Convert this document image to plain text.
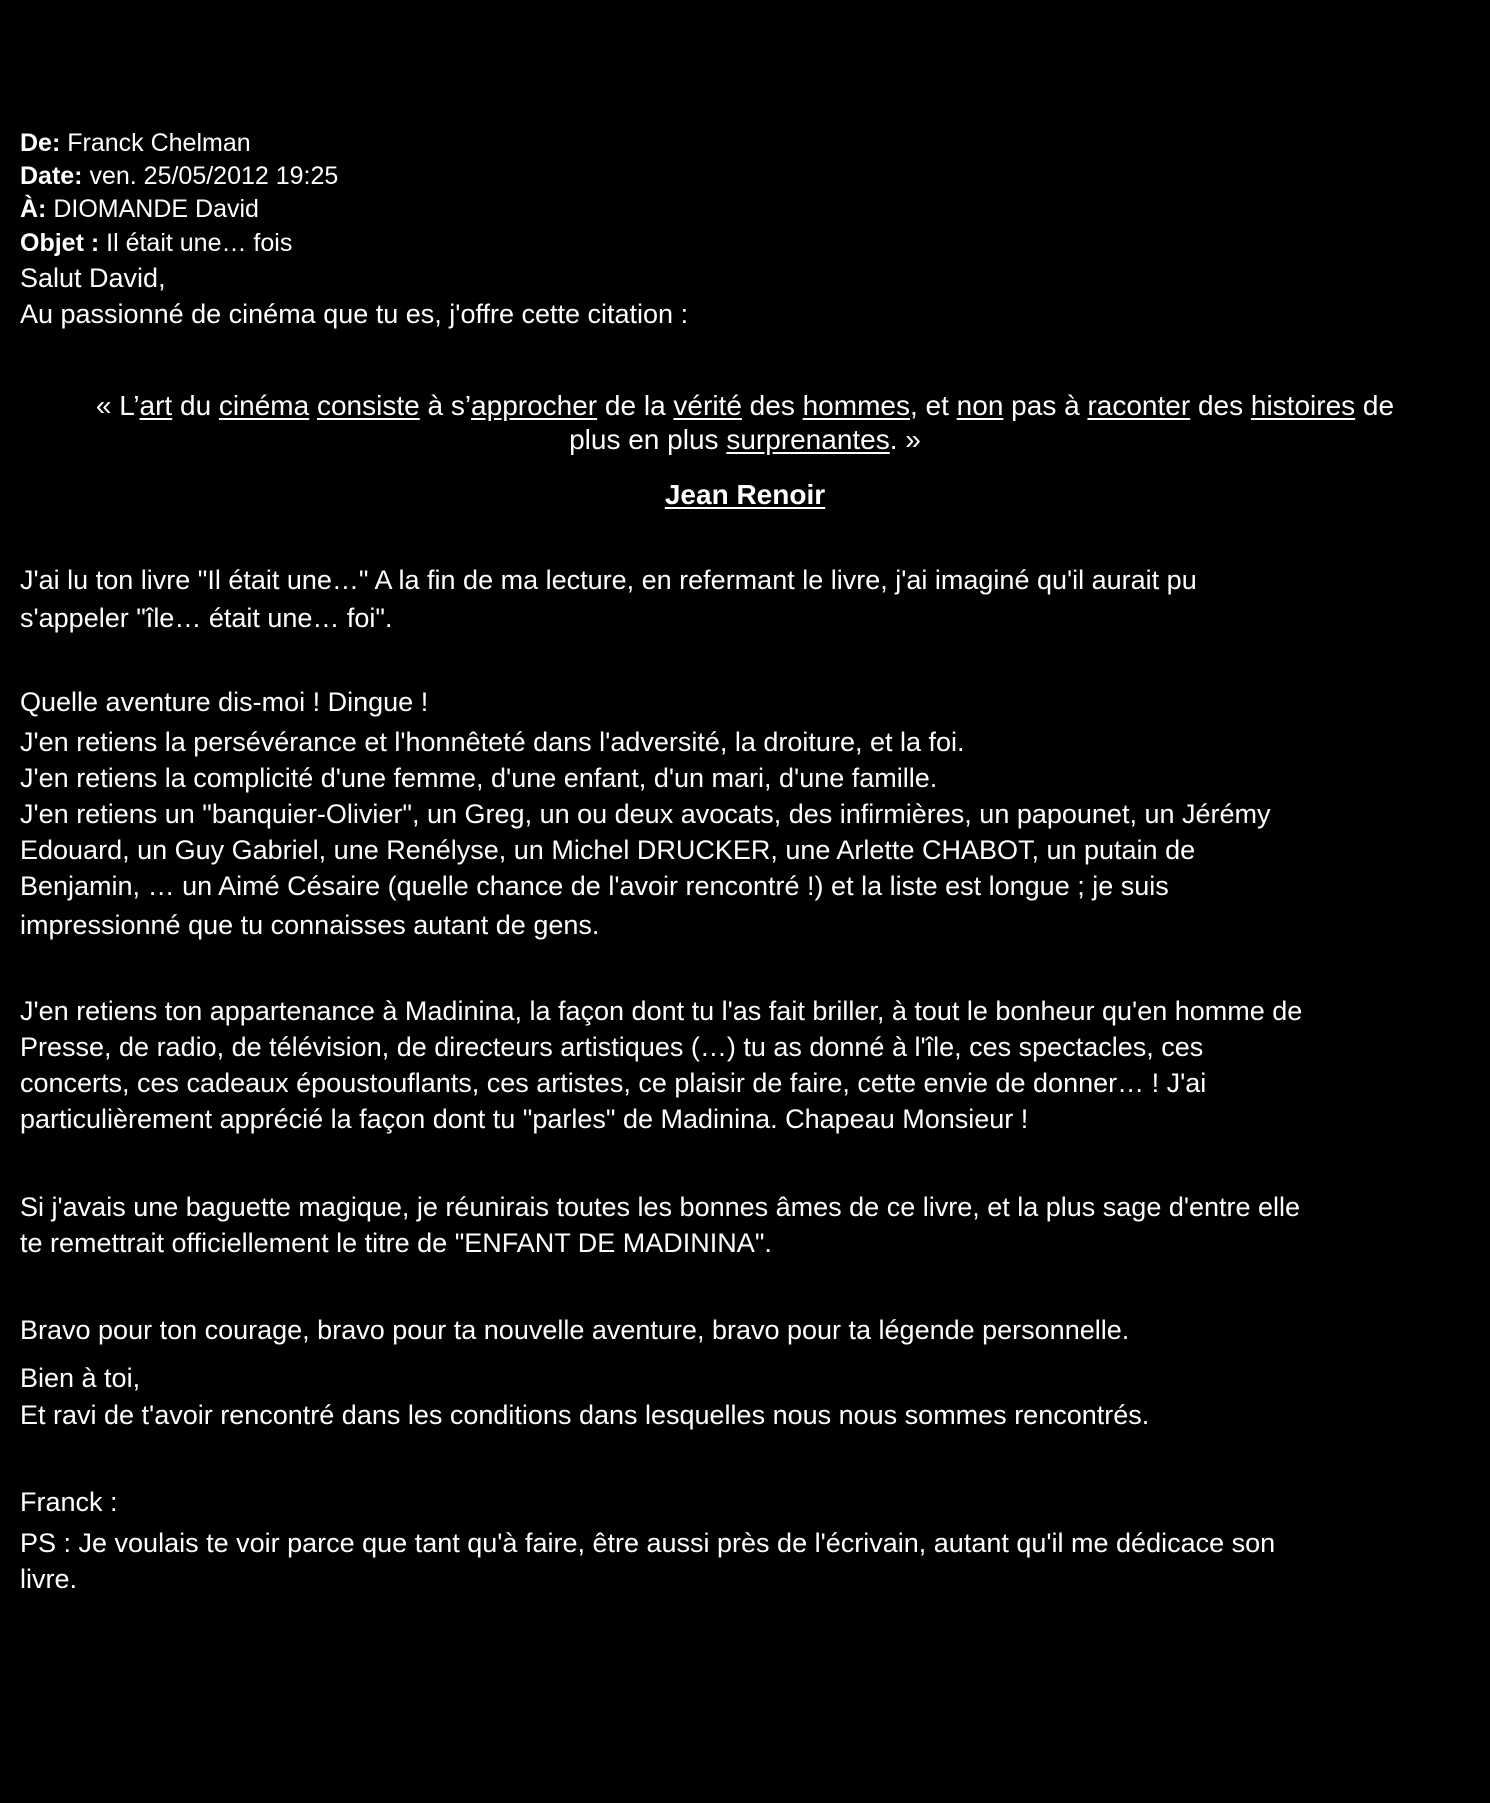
De: Franck Chelman
Date: ven. 25/05/2012 19:25
À: DIOMANDE David
Objet : Il était une… fois
Salut David,
Au passionné de cinéma que tu es, j'offre cette citation :
« L’art du cinéma consiste à s’approcher de la vérité des hommes, et non pas à raconter des histoires de
plus en plus surprenantes. »
Jean Renoir
J'ai lu ton livre "Il était une…" A la fin de ma lecture, en refermant le livre, j'ai imaginé qu'il aurait pu
s'appeler "île… était une… foi".
Quelle aventure dis-moi ! Dingue !
J'en retiens la persévérance et l'honnêteté dans l'adversité, la droiture, et la foi.
J'en retiens la complicité d'une femme, d'une enfant, d'un mari, d'une famille.
J'en retiens un "banquier-Olivier", un Greg, un ou deux avocats, des infirmières, un papounet, un Jérémy
Edouard, un Guy Gabriel, une Renélyse, un Michel DRUCKER, une Arlette CHABOT, un putain de
Benjamin, … un Aimé Césaire (quelle chance de l'avoir rencontré !) et la liste est longue ; je suis
impressionné que tu connaisses autant de gens.
J'en retiens ton appartenance à Madinina, la façon dont tu l'as fait briller, à tout le bonheur qu'en homme de
Presse, de radio, de télévision, de directeurs artistiques (…) tu as donné à l'île, ces spectacles, ces
concerts, ces cadeaux époustouflants, ces artistes, ce plaisir de faire, cette envie de donner… ! J'ai
particulièrement apprécié la façon dont tu "parles" de Madinina. Chapeau Monsieur !
Si j'avais une baguette magique, je réunirais toutes les bonnes âmes de ce livre, et la plus sage d'entre elle
te remettrait officiellement le titre de "ENFANT DE MADININA".
Bravo pour ton courage, bravo pour ta nouvelle aventure, bravo pour ta légende personnelle.
Bien à toi,
Et ravi de t'avoir rencontré dans les conditions dans lesquelles nous nous sommes rencontrés.
Franck :
PS : Je voulais te voir parce que tant qu'à faire, être aussi près de l'écrivain, autant qu'il me dédicace son
livre.
